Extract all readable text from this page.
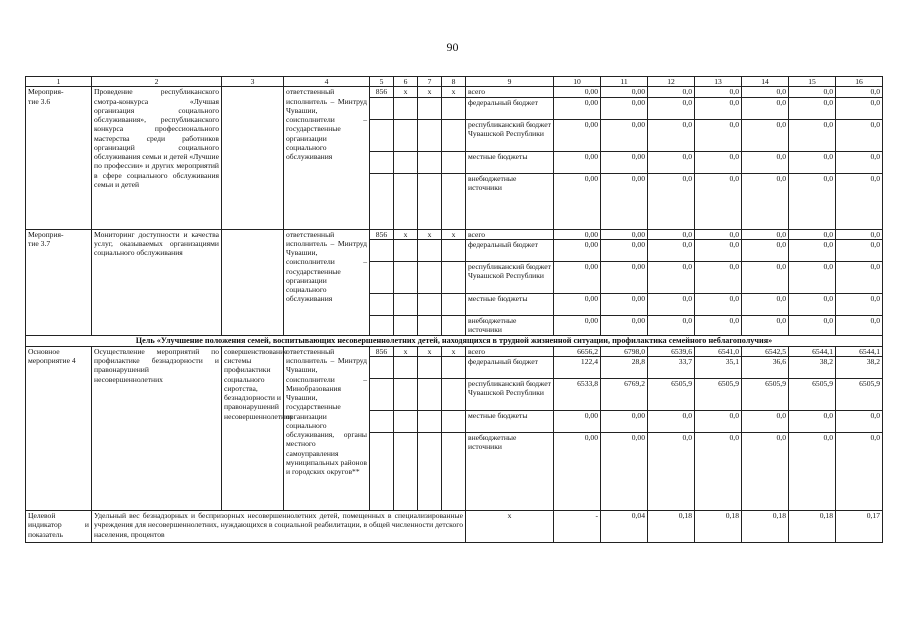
90
1	2	3	4	5	6	7	8	9	10	11	12	13	14	15	16
Мероприя-
тие 3.6	Проведение республиканского смотра-конкурса «Лучшая организация социального обслуживания», республиканского конкурса профессионального мастерства среди работников организаций социального обслуживания семьи и детей «Лучшие по профессии» и других мероприятий в сфере социального обслуживания семьи и детей		ответственный исполнитель – Минтруд Чувашии, соисполнители – государственные организации социального обслуживания	856	х	х	х	всего	0,00	0,00	0,0	0,0	0,0	0,0	0,0
								федеральный бюджет	0,00	0,00	0,0	0,0	0,0	0,0	0,0
								республиканский бюджет Чувашской Республики	0,00	0,00	0,0	0,0	0,0	0,0	0,0
								местные бюджеты	0,00	0,00	0,0	0,0	0,0	0,0	0,0
								внебюджетные источники	0,00	0,00	0,0	0,0	0,0	0,0	0,0
Мероприя-
тие 3.7	Мониторинг доступности и качества услуг, оказываемых организациями социального обслуживания		ответственный исполнитель – Минтруд Чувашии, соисполнители – государственные организации социального обслуживания	856	х	х	х	всего	0,00	0,00	0,0	0,0	0,0	0,0	0,0
								федеральный бюджет	0,00	0,00	0,0	0,0	0,0	0,0	0,0
								республиканский бюджет Чувашской Республики	0,00	0,00	0,0	0,0	0,0	0,0	0,0
								местные бюджеты	0,00	0,00	0,0	0,0	0,0	0,0	0,0
								внебюджетные источники	0,00	0,00	0,0	0,0	0,0	0,0	0,0
Цель «Улучшение положения семей, воспитывающих несовершеннолетних детей, находящихся в трудной жизненной ситуации, профилактика семейного неблагополучия»															
Основное мероприятие 4	Осуществление мероприятий по профилактике безнадзорности и правонарушений несовершеннолетних	совершенствование системы профилактики социального сиротства, безнадзорности и правонарушений несовершеннолетних	ответственный исполнитель – Минтруд Чувашии, соисполнители – Минобразования Чувашии, государственные организации социального обслуживания, органы местного самоуправления муниципальных районов и городских округов**	856	х	х	х	всего	6656,2	6798,0	6539,6	6541,0	6542,5	6544,1	6544,1
								федеральный бюджет	122,4	28,8	33,7	35,1	36,6	38,2	38,2
								республиканский бюджет Чувашской Республики	6533,8	6769,2	6505,9	6505,9	6505,9	6505,9	6505,9
								местные бюджеты	0,00	0,00	0,0	0,0	0,0	0,0	0,0
								внебюджетные источники	0,00	0,00	0,0	0,0	0,0	0,0	0,0
Целевой индикатор и показатель	Удельный вес безнадзорных и беспризорных несовершеннолетних детей, помещенных в специализированные учреждения для несовершеннолетних, нуждающихся в социальной реабилитации, в общей численности детского населения, процентов							х	-	0,04	0,18	0,18	0,18	0,18	0,17
